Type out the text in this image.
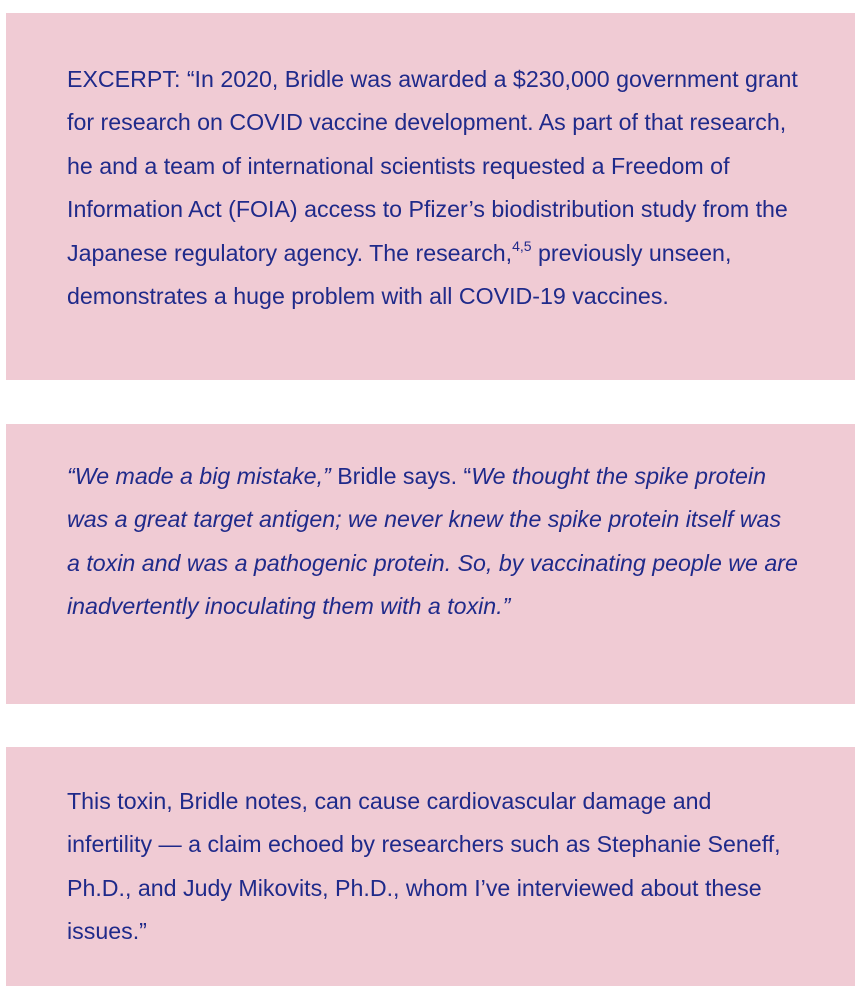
EXCERPT: “In 2020, Bridle was awarded a $230,000 government grant for research on COVID vaccine development. As part of that research, he and a team of international scientists requested a Freedom of Information Act (FOIA) access to Pfizer’s biodistribution study from the Japanese regulatory agency. The research,$^{4,5}$ previously unseen, demonstrates a huge problem with all COVID-19 vaccines.

“We made a big mistake,” Bridle says. “We thought the spike protein was a great target antigen; we never knew the spike protein itself was a toxin and was a pathogenic protein. So, by vaccinating people we are inadvertently inoculating them with a toxin.”

This toxin, Bridle notes, can cause cardiovascular damage and infertility — a claim echoed by researchers such as Stephanie Seneff, Ph.D., and Judy Mikovits, Ph.D., whom I’ve interviewed about these issues.”
